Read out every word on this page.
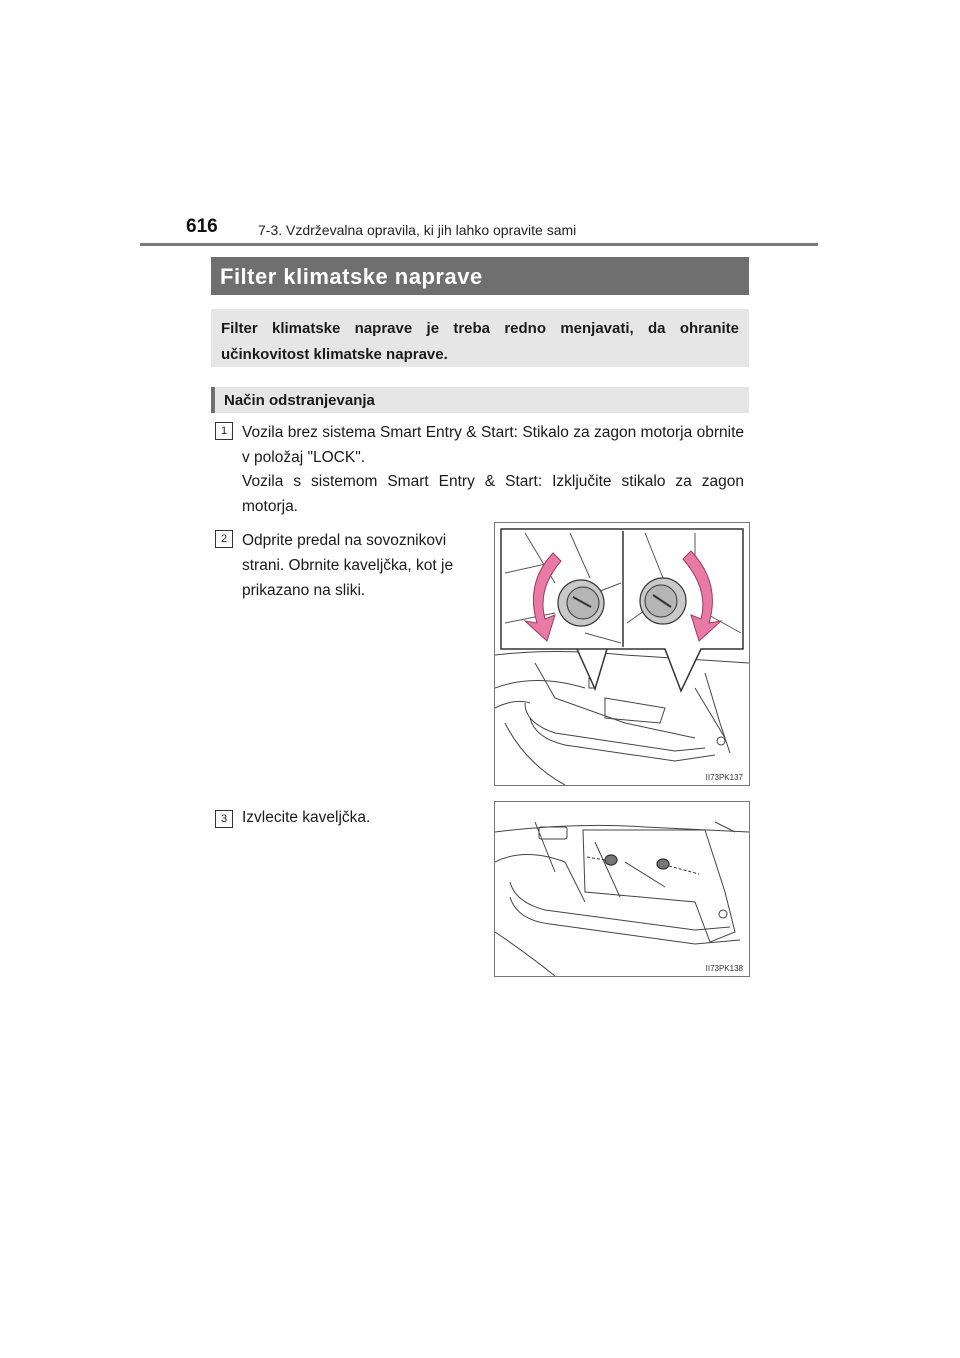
616	7-3. Vzdrževalna opravila, ki jih lahko opravite sami
Filter klimatske naprave

Filter klimatske naprave je treba redno menjavati, da ohranite učinkovitost klimatske naprave.

Način odstranjevanja
1 Vozila brez sistema Smart Entry & Start: Stikalo za zagon motorja obrnite v položaj "LOCK".

Vozila s sistemom Smart Entry & Start: Izključite stikalo za zagon motorja.

2 Odprite predal na sovoznikovi strani. Obrnite kaveljčka, kot je prikazano na sliki.

II73PK137
3 Izvlecite kaveljčka.

II73PK138
